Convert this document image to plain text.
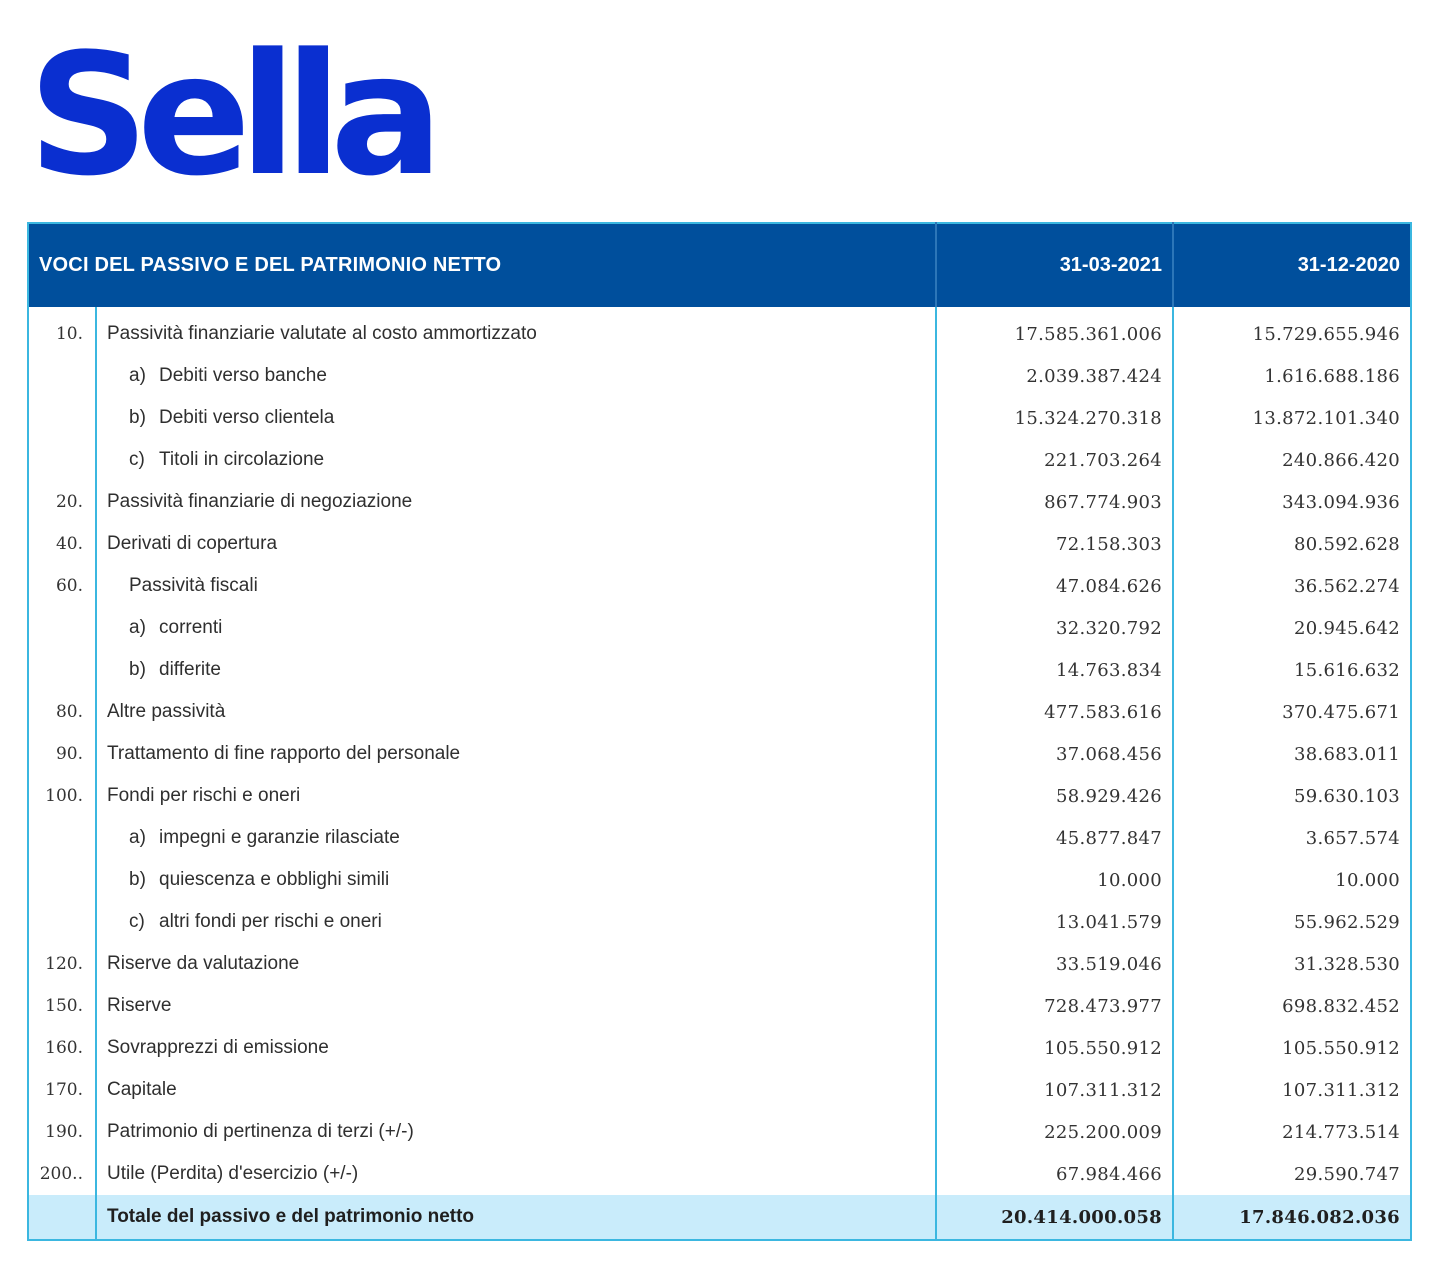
Sella
VOCI DEL PASSIVO E DEL PATRIMONIO NETTO		31-03-2021	31-12-2020
10.	Passività finanziarie valutate al costo ammortizzato	17.585.361.006	15.729.655.946
	a) Debiti verso banche	2.039.387.424	1.616.688.186
	b) Debiti verso clientela	15.324.270.318	13.872.101.340
	c) Titoli in circolazione	221.703.264	240.866.420
20.	Passività finanziarie di negoziazione	867.774.903	343.094.936
40.	Derivati di copertura	72.158.303	80.592.628
60.	Passività fiscali	47.084.626	36.562.274
	a) correnti	32.320.792	20.945.642
	b) differite	14.763.834	15.616.632
80.	Altre passività	477.583.616	370.475.671
90.	Trattamento di fine rapporto del personale	37.068.456	38.683.011
100.	Fondi per rischi e oneri	58.929.426	59.630.103
	a) impegni e garanzie rilasciate	45.877.847	3.657.574
	b) quiescenza e obblighi simili	10.000	10.000
	c) altri fondi per rischi e oneri	13.041.579	55.962.529
120.	Riserve da valutazione	33.519.046	31.328.530
150.	Riserve	728.473.977	698.832.452
160.	Sovrapprezzi di emissione	105.550.912	105.550.912
170.	Capitale	107.311.312	107.311.312
190.	Patrimonio di pertinenza di terzi (+/-)	225.200.009	214.773.514
200..	Utile (Perdita) d'esercizio (+/-)	67.984.466	29.590.747
	Totale del passivo e del patrimonio netto	20.414.000.058	17.846.082.036
